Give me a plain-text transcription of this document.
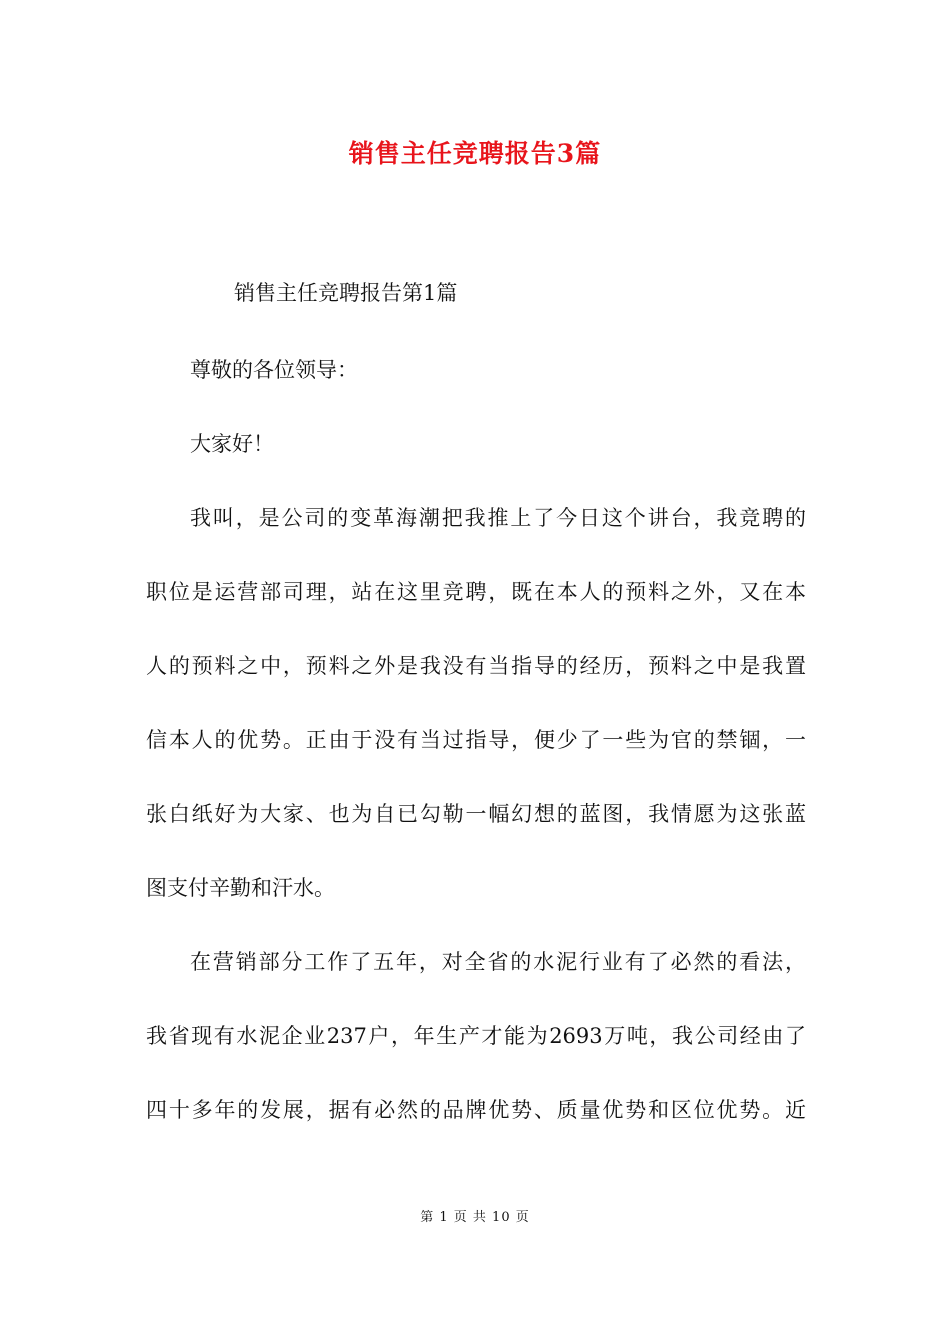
销售主任竞聘报告3篇

销售主任竞聘报告第1篇

尊敬的各位领导：

大家好！

我叫，是公司的变革海潮把我推上了今日这个讲台，我竞聘的

职位是运营部司理，站在这里竞聘，既在本人的预料之外，又在本

人的预料之中，预料之外是我没有当指导的经历，预料之中是我置

信本人的优势。正由于没有当过指导，便少了一些为官的禁锢，一

张白纸好为大家、也为自已勾勒一幅幻想的蓝图，我情愿为这张蓝

图支付辛勤和汗水。

在营销部分工作了五年，对全省的水泥行业有了必然的看法，

我省现有水泥企业237户，年生产才能为2693万吨，我公司经由了

四十多年的发展，据有必然的品牌优势、质量优势和区位优势。近

第 1 页 共 10 页
